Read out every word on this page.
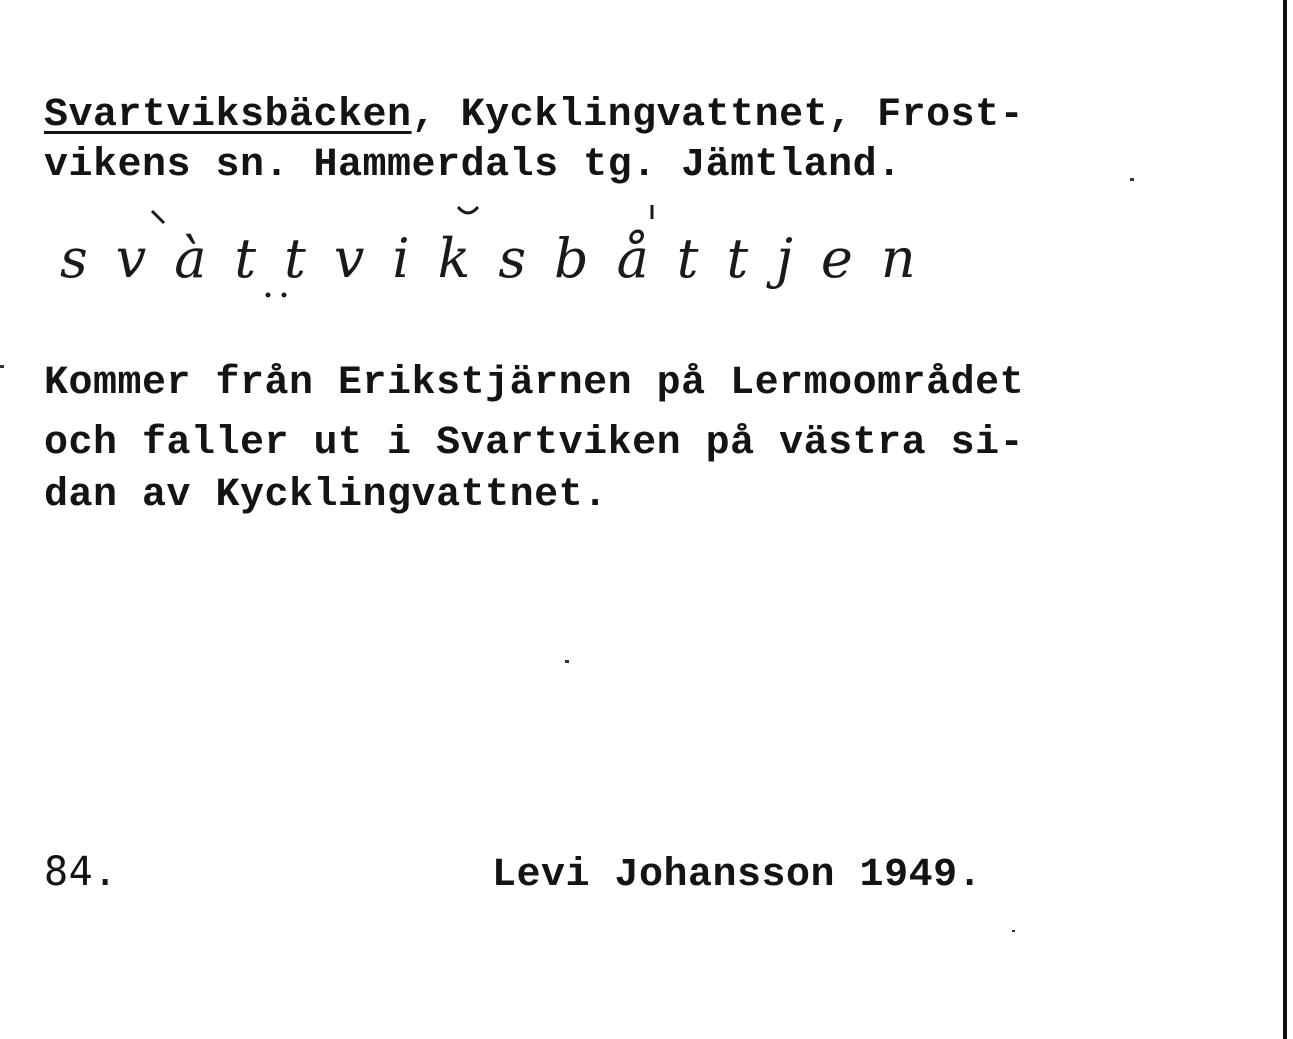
Svartviksbäcken, Kycklingvattnet, Frost-
vikens sn. Hammerdals tg. Jämtland.
svàttviksbåttjen
Kommer från Erikstjärnen på Lermoområdet
och faller ut i Svartviken på västra si-
dan av Kycklingvattnet.
84.	Levi Johansson 1949.
